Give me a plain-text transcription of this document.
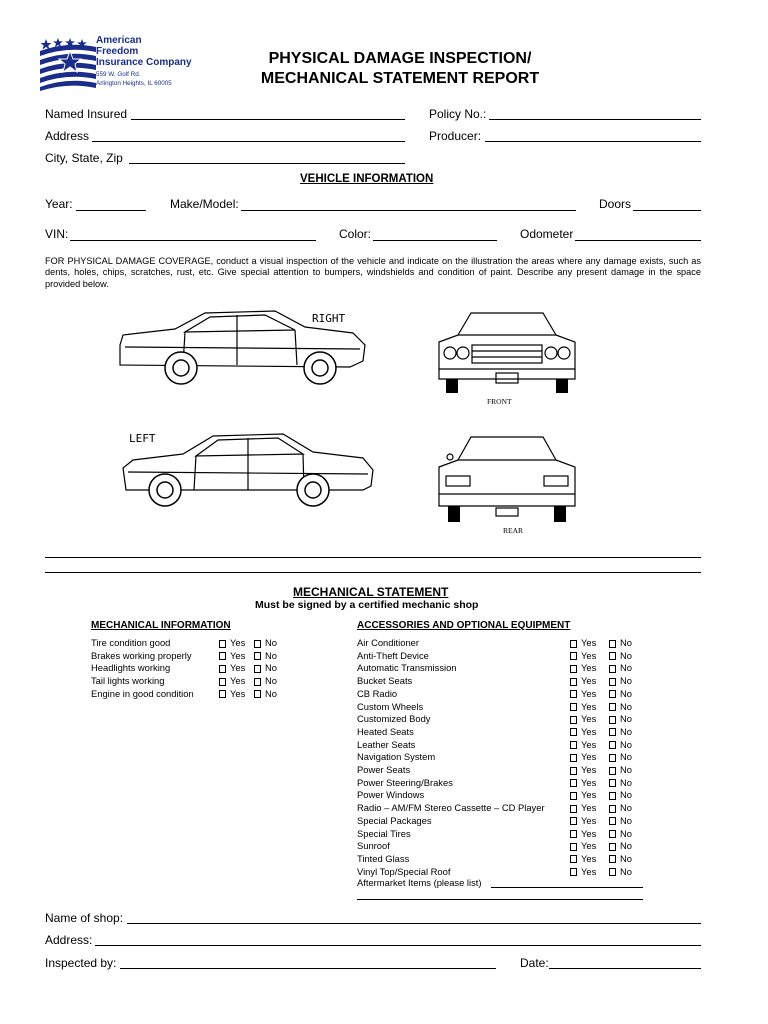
American
Freedom
Insurance Company
559 W. Golf Rd.
Arlington Heights, IL 60005
PHYSICAL DAMAGE INSPECTION/
MECHANICAL STATEMENT REPORT
Named Insured	Policy No.:
Address	Producer:
City, State, Zip
VEHICLE INFORMATION
Year:	Make/Model:	Doors
VIN:	Color:	Odometer
FOR PHYSICAL DAMAGE COVERAGE, conduct a visual inspection of the vehicle and indicate on the illustration the areas where any damage exists, such as dents, holes, chips, scratches, rust, etc. Give special attention to bumpers, windshields and condition of paint. Describe any present damage in the space provided below.
RIGHT
FRONT
LEFT
REAR
MECHANICAL STATEMENT
Must be signed by a certified mechanic shop
MECHANICAL INFORMATION	ACCESSORIES AND OPTIONAL EQUIPMENT
Tire condition good	Yes	No
Brakes working properly	Yes	No
Headlights working	Yes	No
Tail lights working	Yes	No
Engine in good condition	Yes	No
Air Conditioner	Yes	No
Anti-Theft Device	Yes	No
Automatic Transmission	Yes	No
Bucket Seats	Yes	No
CB Radio	Yes	No
Custom Wheels	Yes	No
Customized Body	Yes	No
Heated Seats	Yes	No
Leather Seats	Yes	No
Navigation System	Yes	No
Power Seats	Yes	No
Power Steering/Brakes	Yes	No
Power Windows	Yes	No
Radio – AM/FM Stereo Cassette – CD Player	Yes	No
Special Packages	Yes	No
Special Tires	Yes	No
Sunroof	Yes	No
Tinted Glass	Yes	No
Vinyl Top/Special Roof	Yes	No
Aftermarket Items (please list)
Name of shop:
Address:
Inspected by:	Date:
